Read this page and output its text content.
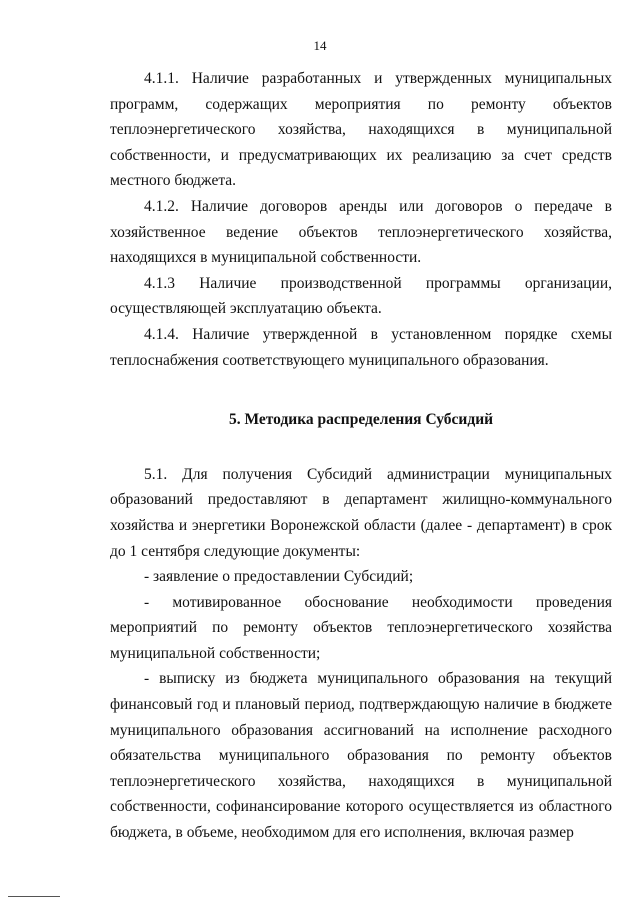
14

4.1.1. Наличие разработанных и утвержденных муниципальных программ, содержащих мероприятия по ремонту объектов теплоэнергетического хозяйства, находящихся в муниципальной собственности, и предусматривающих их реализацию за счет средств местного бюджета.

4.1.2. Наличие договоров аренды или договоров о передаче в хозяйственное ведение объектов теплоэнергетического хозяйства, находящихся в муниципальной собственности.

4.1.3 Наличие производственной программы организации, осуществляющей эксплуатацию объекта.

4.1.4. Наличие утвержденной в установленном порядке схемы теплоснабжения соответствующего муниципального образования.

5. Методика распределения Субсидий

5.1. Для получения Субсидий администрации муниципальных образований предоставляют в департамент жилищно-коммунального хозяйства и энергетики Воронежской области (далее - департамент) в срок до 1 сентября следующие документы:

- заявление о предоставлении Субсидий;

- мотивированное обоснование необходимости проведения мероприятий по ремонту объектов теплоэнергетического хозяйства муниципальной собственности;

- выписку из бюджета муниципального образования на текущий финансовый год и плановый период, подтверждающую наличие в бюджете муниципального образования ассигнований на исполнение расходного обязательства муниципального образования по ремонту объектов теплоэнергетического хозяйства, находящихся в муниципальной собственности, софинансирование которого осуществляется из областного бюджета, в объеме, необходимом для его исполнения, включая размер
